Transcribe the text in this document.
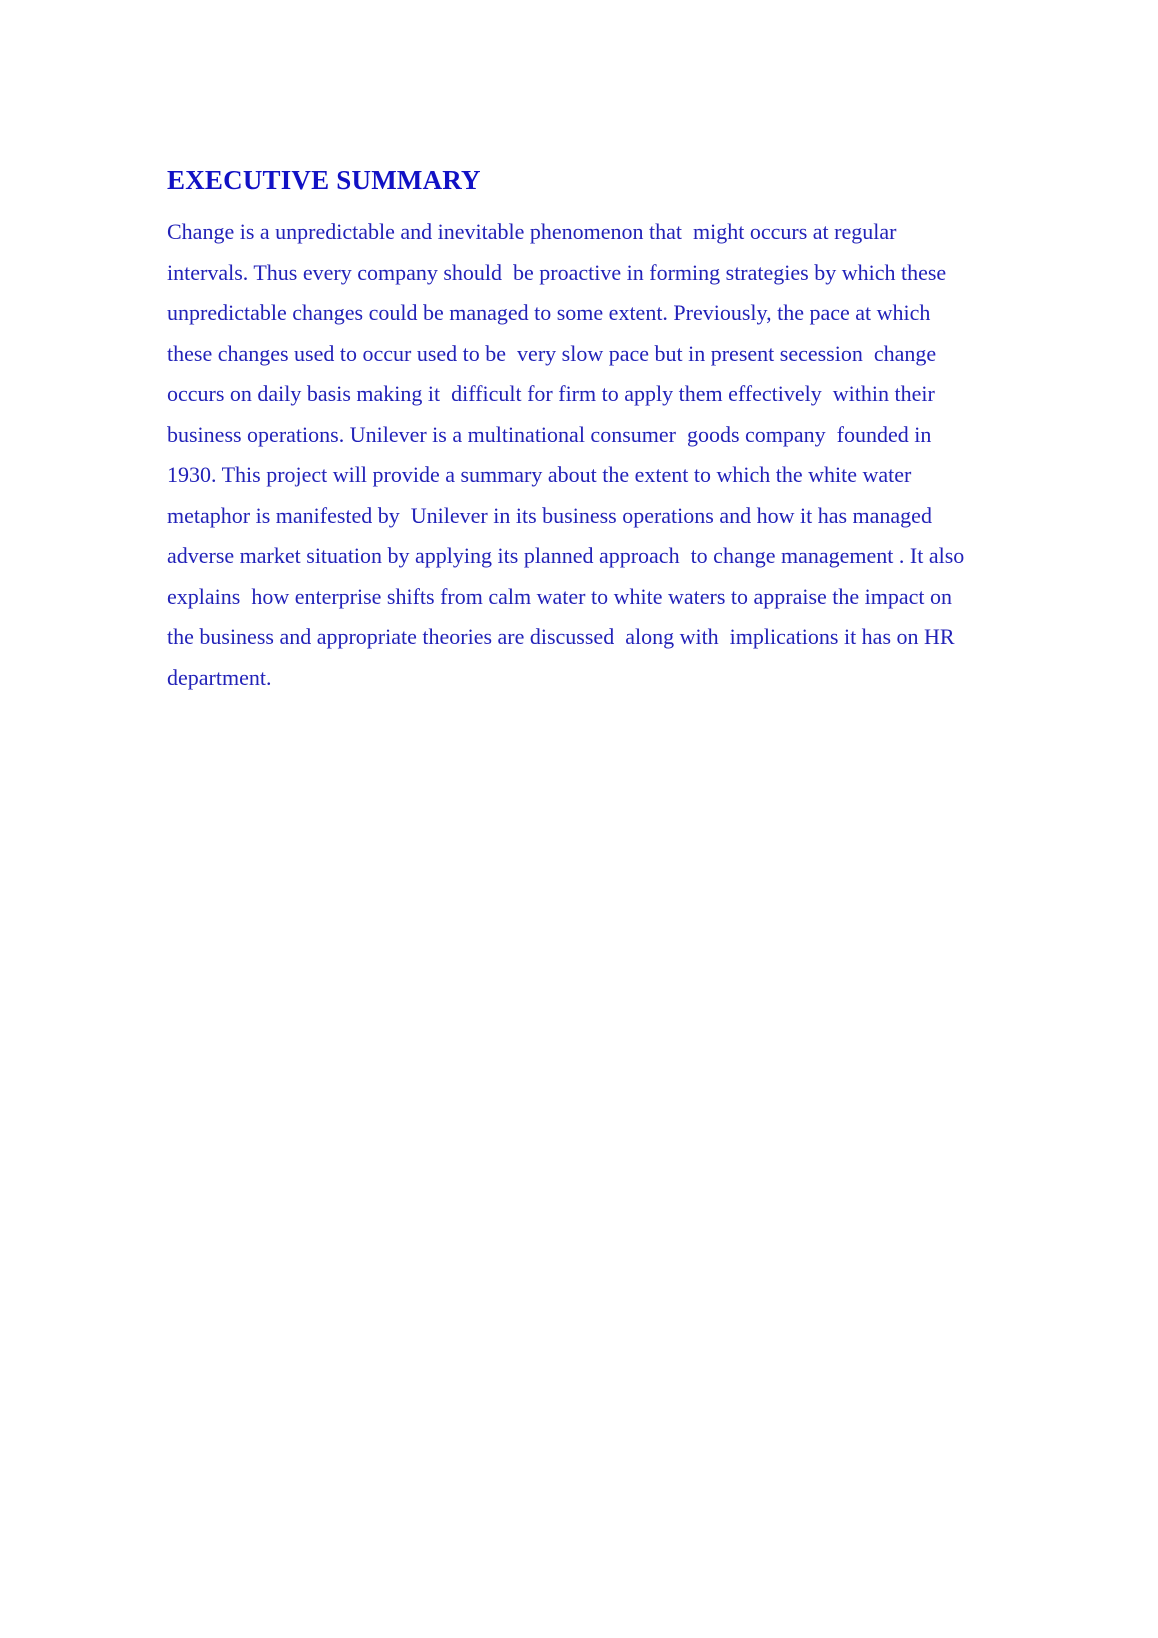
EXECUTIVE SUMMARY

Change is a unpredictable and inevitable phenomenon that  might occurs at regular
intervals. Thus every company should  be proactive in forming strategies by which these
unpredictable changes could be managed to some extent. Previously, the pace at which
these changes used to occur used to be  very slow pace but in present secession  change
occurs on daily basis making it  difficult for firm to apply them effectively  within their
business operations. Unilever is a multinational consumer  goods company  founded in
1930. This project will provide a summary about the extent to which the white water
metaphor is manifested by  Unilever in its business operations and how it has managed
adverse market situation by applying its planned approach  to change management . It also
explains  how enterprise shifts from calm water to white waters to appraise the impact on
the business and appropriate theories are discussed  along with  implications it has on HR
department.
